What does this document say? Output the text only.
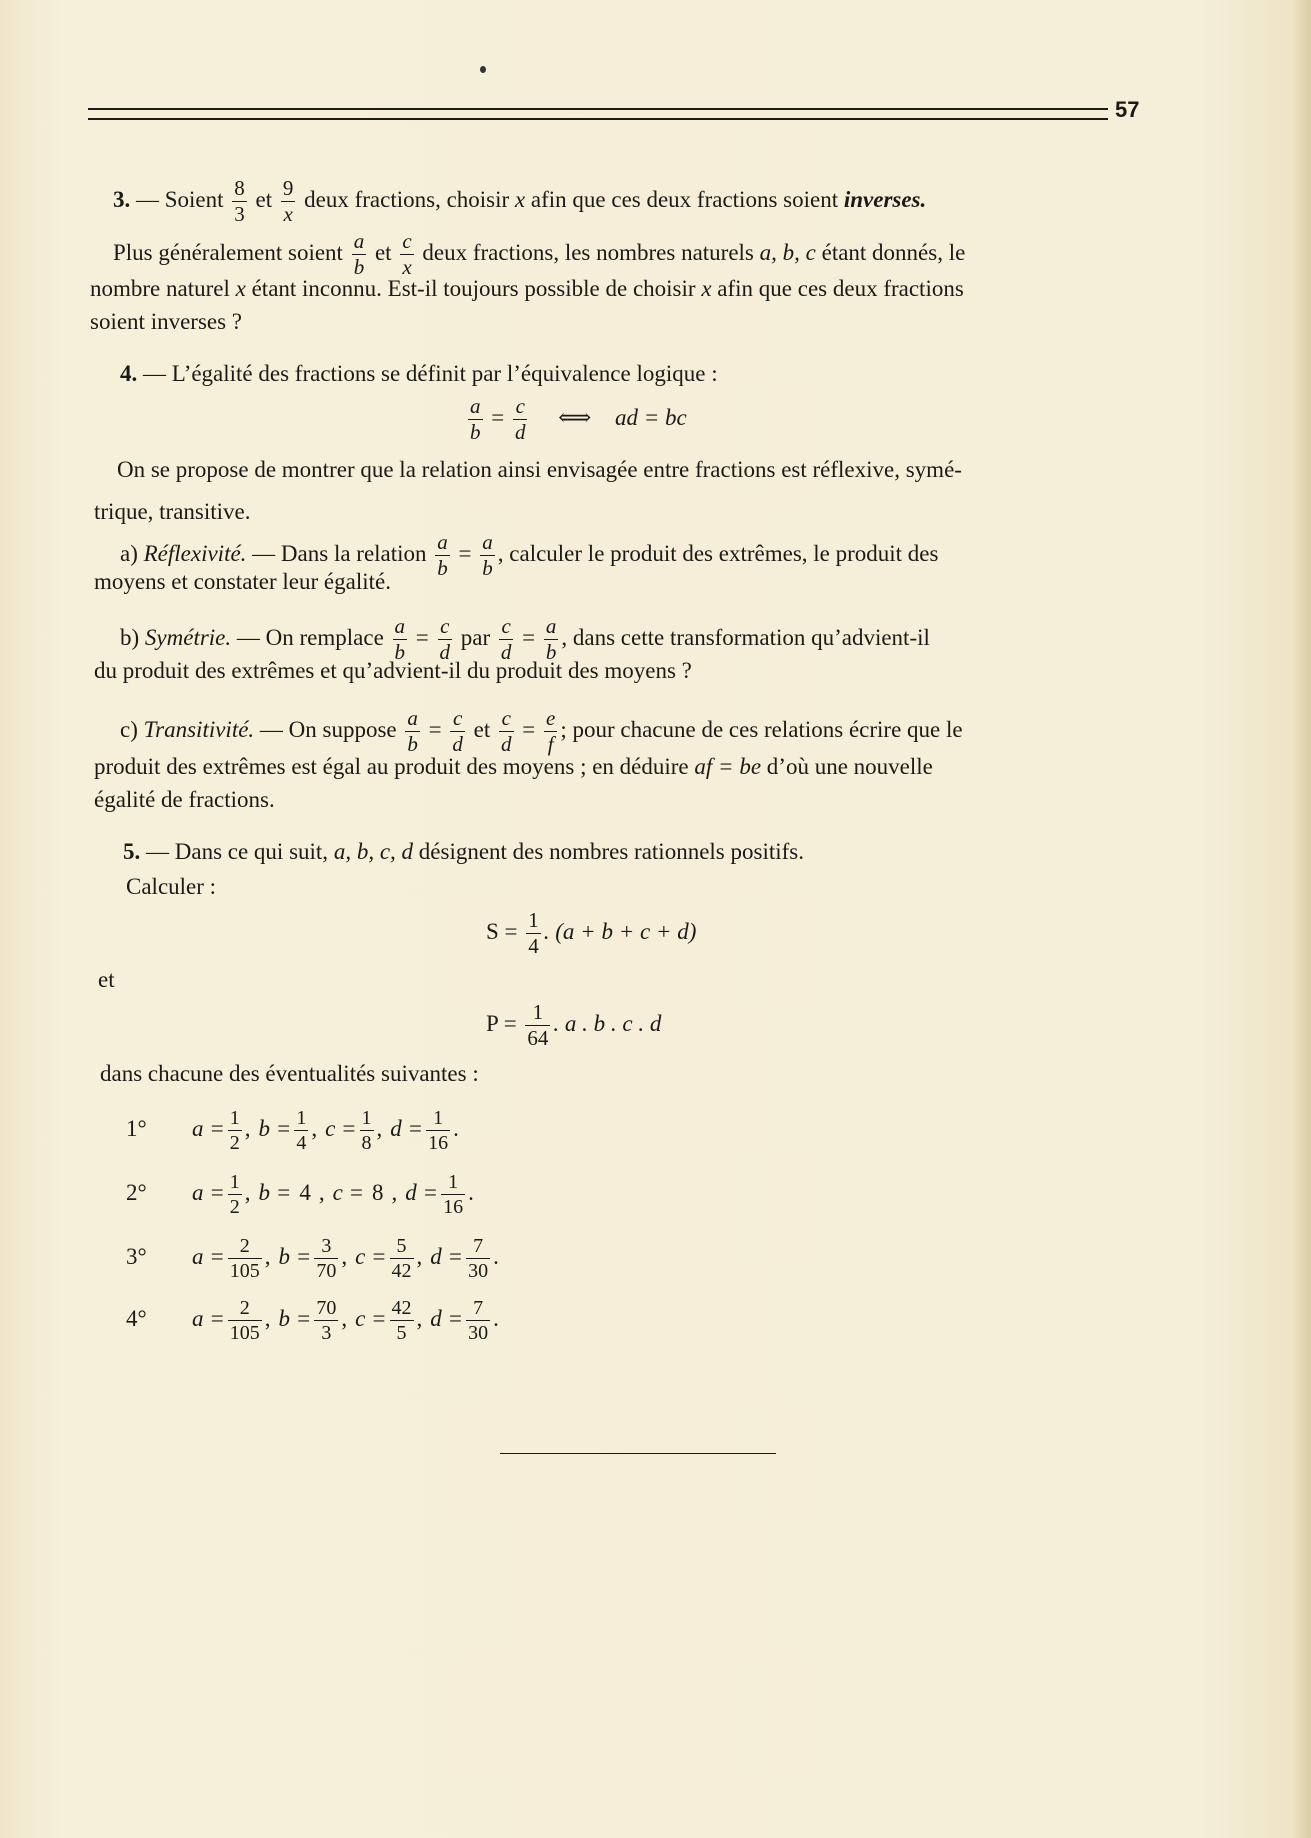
57
3. — Soient $\frac{8}{3}$ et $\frac{9}{x}$ deux fractions, choisir x afin que ces deux fractions soient inverses.
Plus généralement soient $\frac{a}{b}$ et $\frac{c}{x}$ deux fractions, les nombres naturels a, b, c étant donnés, le
nombre naturel x étant inconnu. Est-il toujours possible de choisir x afin que ces deux fractions
soient inverses ?
4. — L’égalité des fractions se définit par l’équivalence logique :
$\frac{a}{b} = \frac{c}{d}$ ⟺ ad = bc
On se propose de montrer que la relation ainsi envisagée entre fractions est réflexive, symé-
trique, transitive.
a) Réflexivité. — Dans la relation $\frac{a}{b} = \frac{a}{b}$ , calculer le produit des extrêmes, le produit des
moyens et constater leur égalité.
b) Symétrie. — On remplace $\frac{a}{b} = \frac{c}{d}$ par $\frac{c}{d} = \frac{a}{b}$ , dans cette transformation qu’advient-il
du produit des extrêmes et qu’advient-il du produit des moyens ?
c) Transitivité. — On suppose $\frac{a}{b} = \frac{c}{d}$ et $\frac{c}{d} = \frac{e}{f}$ ; pour chacune de ces relations écrire que le
produit des extrêmes est égal au produit des moyens ; en déduire af = be d’où une nouvelle
égalité de fractions.
5. — Dans ce qui suit, a, b, c, d désignent des nombres rationnels positifs.
Calculer :
$S = \frac{1}{4}$ . (a + b + c + d)
et
$P = \frac{1}{64}$ . a . b . c . d
dans chacune des éventualités suivantes :
1° $a = \frac{1}{2}$ , $b = \frac{1}{4}$ , $c = \frac{1}{8}$ , $d = \frac{1}{16}$ .
2° $a = \frac{1}{2}$ , b = 4 , c = 8 , $d = \frac{1}{16}$ .
3° $a = \frac{2}{105}$ , $b = \frac{3}{70}$ , $c = \frac{5}{42}$ , $d = \frac{7}{30}$ .
4° $a = \frac{2}{105}$ , $b = \frac{70}{3}$ , $c = \frac{42}{5}$ , $d = \frac{7}{30}$ .
